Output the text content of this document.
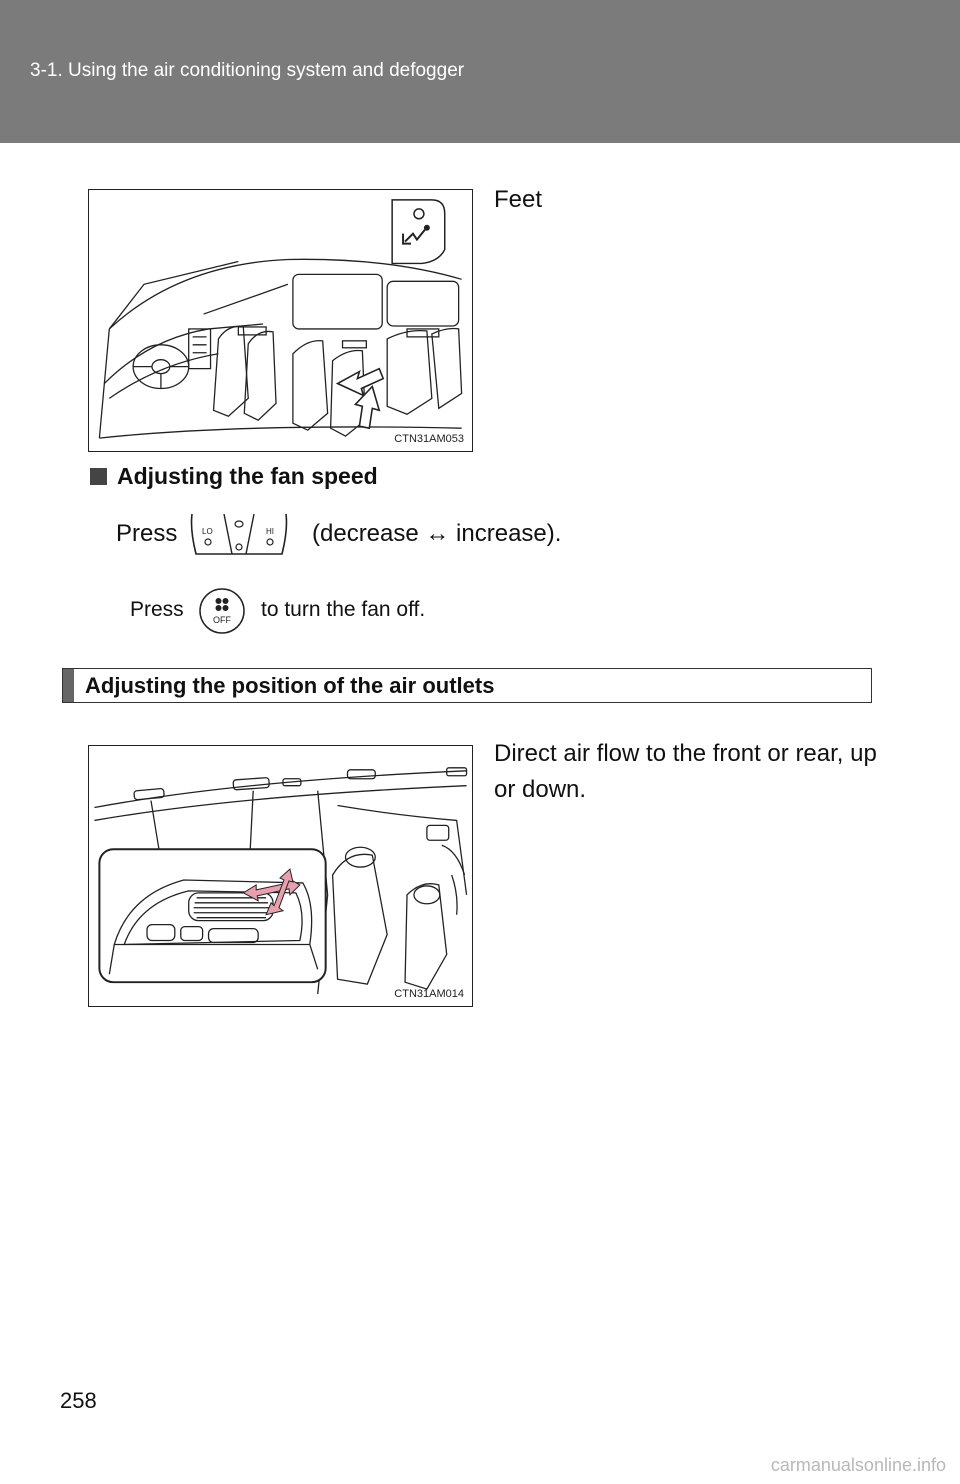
3-1. Using the air conditioning system and defogger
CTN31AM053
Feet
Adjusting the fan speed
Press	LO	HI (decrease ↔ increase).
Press	OFF to turn the fan off.
Adjusting the position of the air outlets
CTN31AM014
Direct air flow to the front or rear, up or down.
258
carmanualsonline.info
